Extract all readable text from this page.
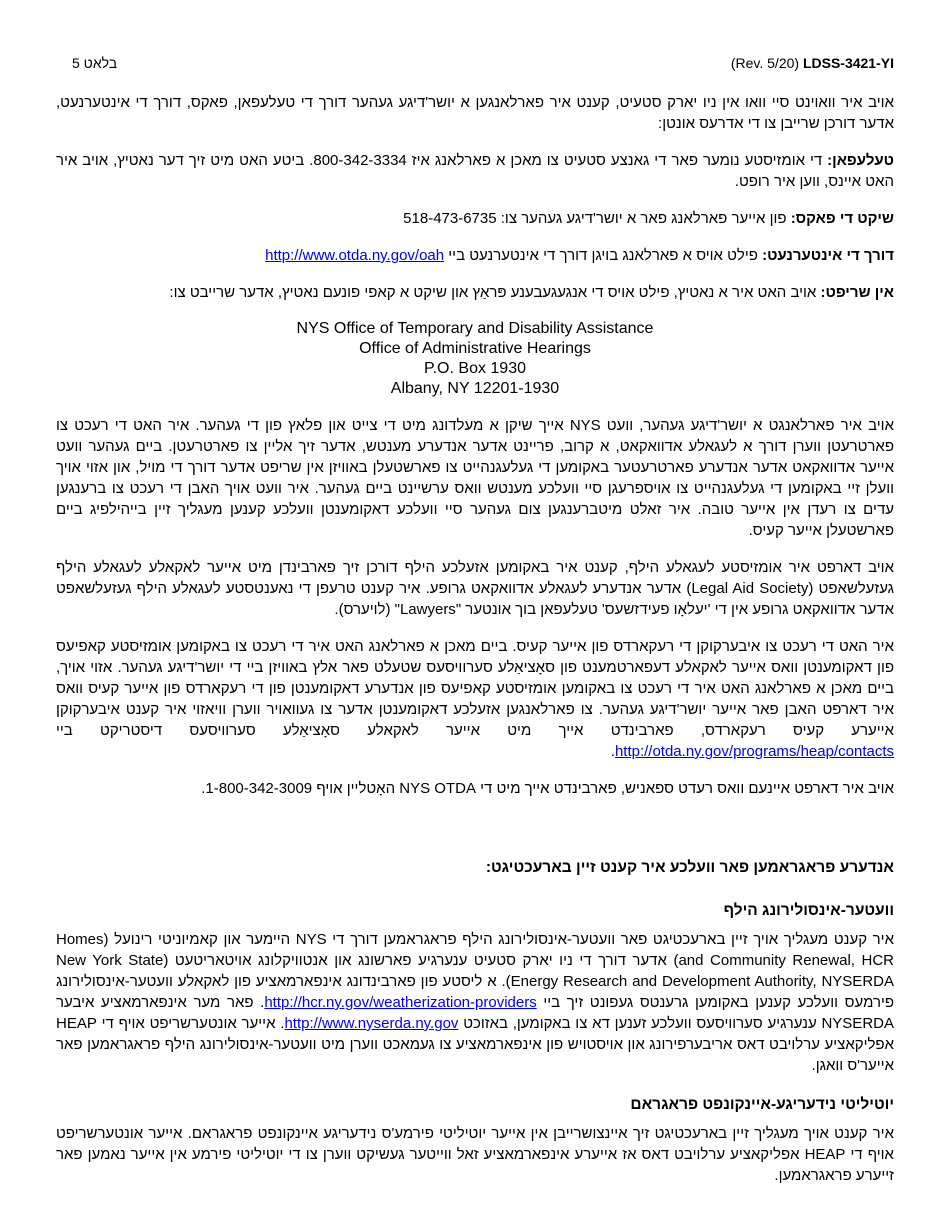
(Rev. 5/20) LDSS-3421-YI
בלאט 5

אויב איר וואוינט סיי וואו אין ניו יארק סטעיט, קענט איר פארלאנגען א יושר'דיגע געהער דורך די טעלעפאן, פאקס, דורך די אינטערנעט, אדער דורכן שרייבן צו די אדרעס אונטן:

טעלעפאן: די אומזיסטע נומער פאר די גאנצע סטעיט צו מאכן א פארלאנג איז 800-342-3334. ביטע האט מיט זיך דער נאטיץ, אויב איר האט איינס, ווען איר רופט.

שיקט די פאקס: פון אייער פארלאנג פאר א יושר'דיגע געהער צו: 518-473-6735

דורך די אינטערנעט: פילט אויס א פארלאנג בויגן דורך די אינטערנעט ביי http://www.otda.ny.gov/oah

אין שריפט: אויב האט איר א נאטיץ, פילט אויס די אנגעגעבענע פּראַץ און שיקט א קאפי פונעם נאטיץ, אדער שרייבט צו:

NYS Office of Temporary and Disability Assistance
Office of Administrative Hearings
P.O. Box 1930
Albany, NY 12201-1930

אויב איר פארלאנגט א יושר'דיגע געהער, וועט NYS אייך שיקן א מעלדונג מיט די צייט און פלאץ פון די געהער. איר האט די רעכט צו פארטרעטן ווערן דורך א לעגאלע אדוואקאט, א קרוב, פריינט אדער אנדערע מענטש, אדער זיך אליין צו פארטרעטן. ביים געהער וועט אייער אדוואקאט אדער אנדערע פארטרעטער באקומען די געלעגנהייט צו פארשטעלן באוויזן אין שריפט אדער דורך די מויל, און אזוי אויך וועלן זיי באקומען די געלעגנהייט צו אויספרעגן סיי וועלכע מענטש וואס ערשיינט ביים געהער. איר וועט אויך האבן די רעכט צו ברענגען עדים צו רעדן אין אייער טובה. איר זאלט מיטברענגען צום געהער סיי וועלכע דאקומענטן וועלכע קענען מעגליך זיין בייהילפיג ביים פארשטעלן אייער קעיס.

אויב דארפט איר אומזיסטע לעגאלע הילף, קענט איר באקומען אזעלכע הילף דורכן זיך פארבינדן מיט אייער לאקאלע לעגאלע הילף געזעלשאפט (Legal Aid Society) אדער אנדערע לעגאלע אדוואקאט גרופע. איר קענט טרעפן די נאענטסטע לעגאלע הילף געזעלשאפט אדער אדוואקאט גרופע אין די 'יעלאָו פעידזשעס' טעלעפאן בוך אונטער "Lawyers" (לויערס).

איר האט די רעכט צו איבערקוקן די רעקארדס פון אייער קעיס. ביים מאכן א פארלאנג האט איר די רעכט צו באקומען אומזיסטע קאפיעס פון דאקומענטן וואס אייער לאקאלע דעפארטמענט פון סאָציאַלע סערוויסעס שטעלט פאר אלץ באוויזן ביי די יושר'דיגע געהער. אזוי אויך, ביים מאכן א פארלאנג האט איר די רעכט צו באקומען אומזיסטע קאפיעס פון אנדערע דאקומענטן פון די רעקארדס פון אייער קעיס וואס איר דארפט האבן פאר אייער יושר'דיגע געהער. צו פארלאנגען אזעלכע דאקומענטן אדער צו געוואויר ווערן וויאזוי איר קענט איבערקוקן אייערע קעיס רעקארדס, פארבינדט אייך מיט אייער לאקאלע סאָציאַלע סערוויסעס דיסטריקט ביי http://otda.ny.gov/programs/heap/contacts.

אויב איר דארפט איינעם וואס רעדט ספאניש, פארבינדט אייך מיט די NYS OTDA האָטליין אויף 1-800-342-3009.

אנדערע פראגראמען פאר וועלכע איר קענט זיין בארעכטיגט:
וועטער-אינסולירונג הילף

איר קענט מעגליך אויך זיין בארעכטיגט פאר וועטער-אינסולירונג הילף פראגראמען דורך די NYS היימער און קאמיוניטי רינועל (Homes and Community Renewal, HCR) אדער דורך די ניו יארק סטעיט ענערגיע פארשונג און אנטוויקלונג אויטאריטעט (New York State Energy Research and Development Authority, NYSERDA). א ליסטע פון פארבינדונג אינפארמאציע פון לאקאלע וועטער-אינסולירונג פירמעס וועלכע קענען באקומען גרענטס געפונט זיך ביי http://hcr.ny.gov/weatherization-providers. פאר מער אינפארמאציע איבער NYSERDA ענערגיע סערוויסעס וועלכע זענען דא צו באקומען, באזוכט http://www.nyserda.ny.gov. אייער אונטערשריפט אויף די HEAP אפליקאציע ערלויבט דאס אריבערפירונג און אויסטויש פון אינפארמאציע צו געמאכט ווערן מיט וועטער-אינסולירונג הילף פראגראמען פאר אייער'ס וואגן.

יוטיליטי נידעריגע-איינקונפט פראגראם

איר קענט אויך מעגליך זיין בארעכטיגט זיך איינצושרייבן אין אייער יוטיליטי פירמע'ס נידעריגע איינקונפט פראגראם. אייער אונטערשריפט אויף די HEAP אפליקאציע ערלויבט דאס אז אייערע אינפארמאציע זאל ווייטער געשיקט ווערן צו די יוטיליטי פירמע אין אייער נאמען פאר זייערע פראגראמען.
